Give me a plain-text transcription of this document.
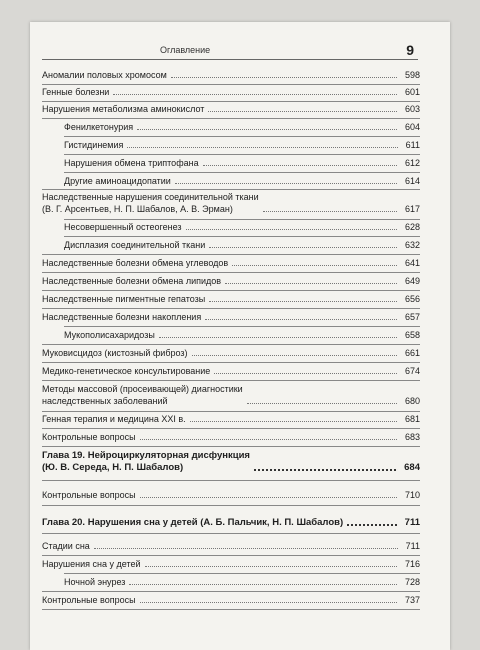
Оглавление	9
Аномалии половых хромосом	598
Генные болезни	601
Нарушения метаболизма аминокислот	603
Фенилкетонурия	604
Гистидинемия	611
Нарушения обмена триптофана	612
Другие аминоацидопатии	614
Наследственные нарушения соединительной ткани
(В. Г. Арсентьев, Н. П. Шабалов, А. В. Эрман)	617
Несовершенный остеогенез	628
Дисплазия соединительной ткани	632
Наследственные болезни обмена углеводов	641
Наследственные болезни обмена липидов	649
Наследственные пигментные гепатозы	656
Наследственные болезни накопления	657
Мукополисахаридозы	658
Муковисцидоз (кистозный фиброз)	661
Медико-генетическое консультирование	674
Методы массовой (просеивающей) диагностики
наследственных заболеваний	680
Генная терапия и медицина XXI в.	681
Контрольные вопросы	683
Глава 19. Нейроциркуляторная дисфункция
(Ю. В. Середа, Н. П. Шабалов)	684
Контрольные вопросы	710
Глава 20. Нарушения сна у детей (А. Б. Пальчик, Н. П. Шабалов)	711
Стадии сна	711
Нарушения сна у детей	716
Ночной энурез	728
Контрольные вопросы	737
